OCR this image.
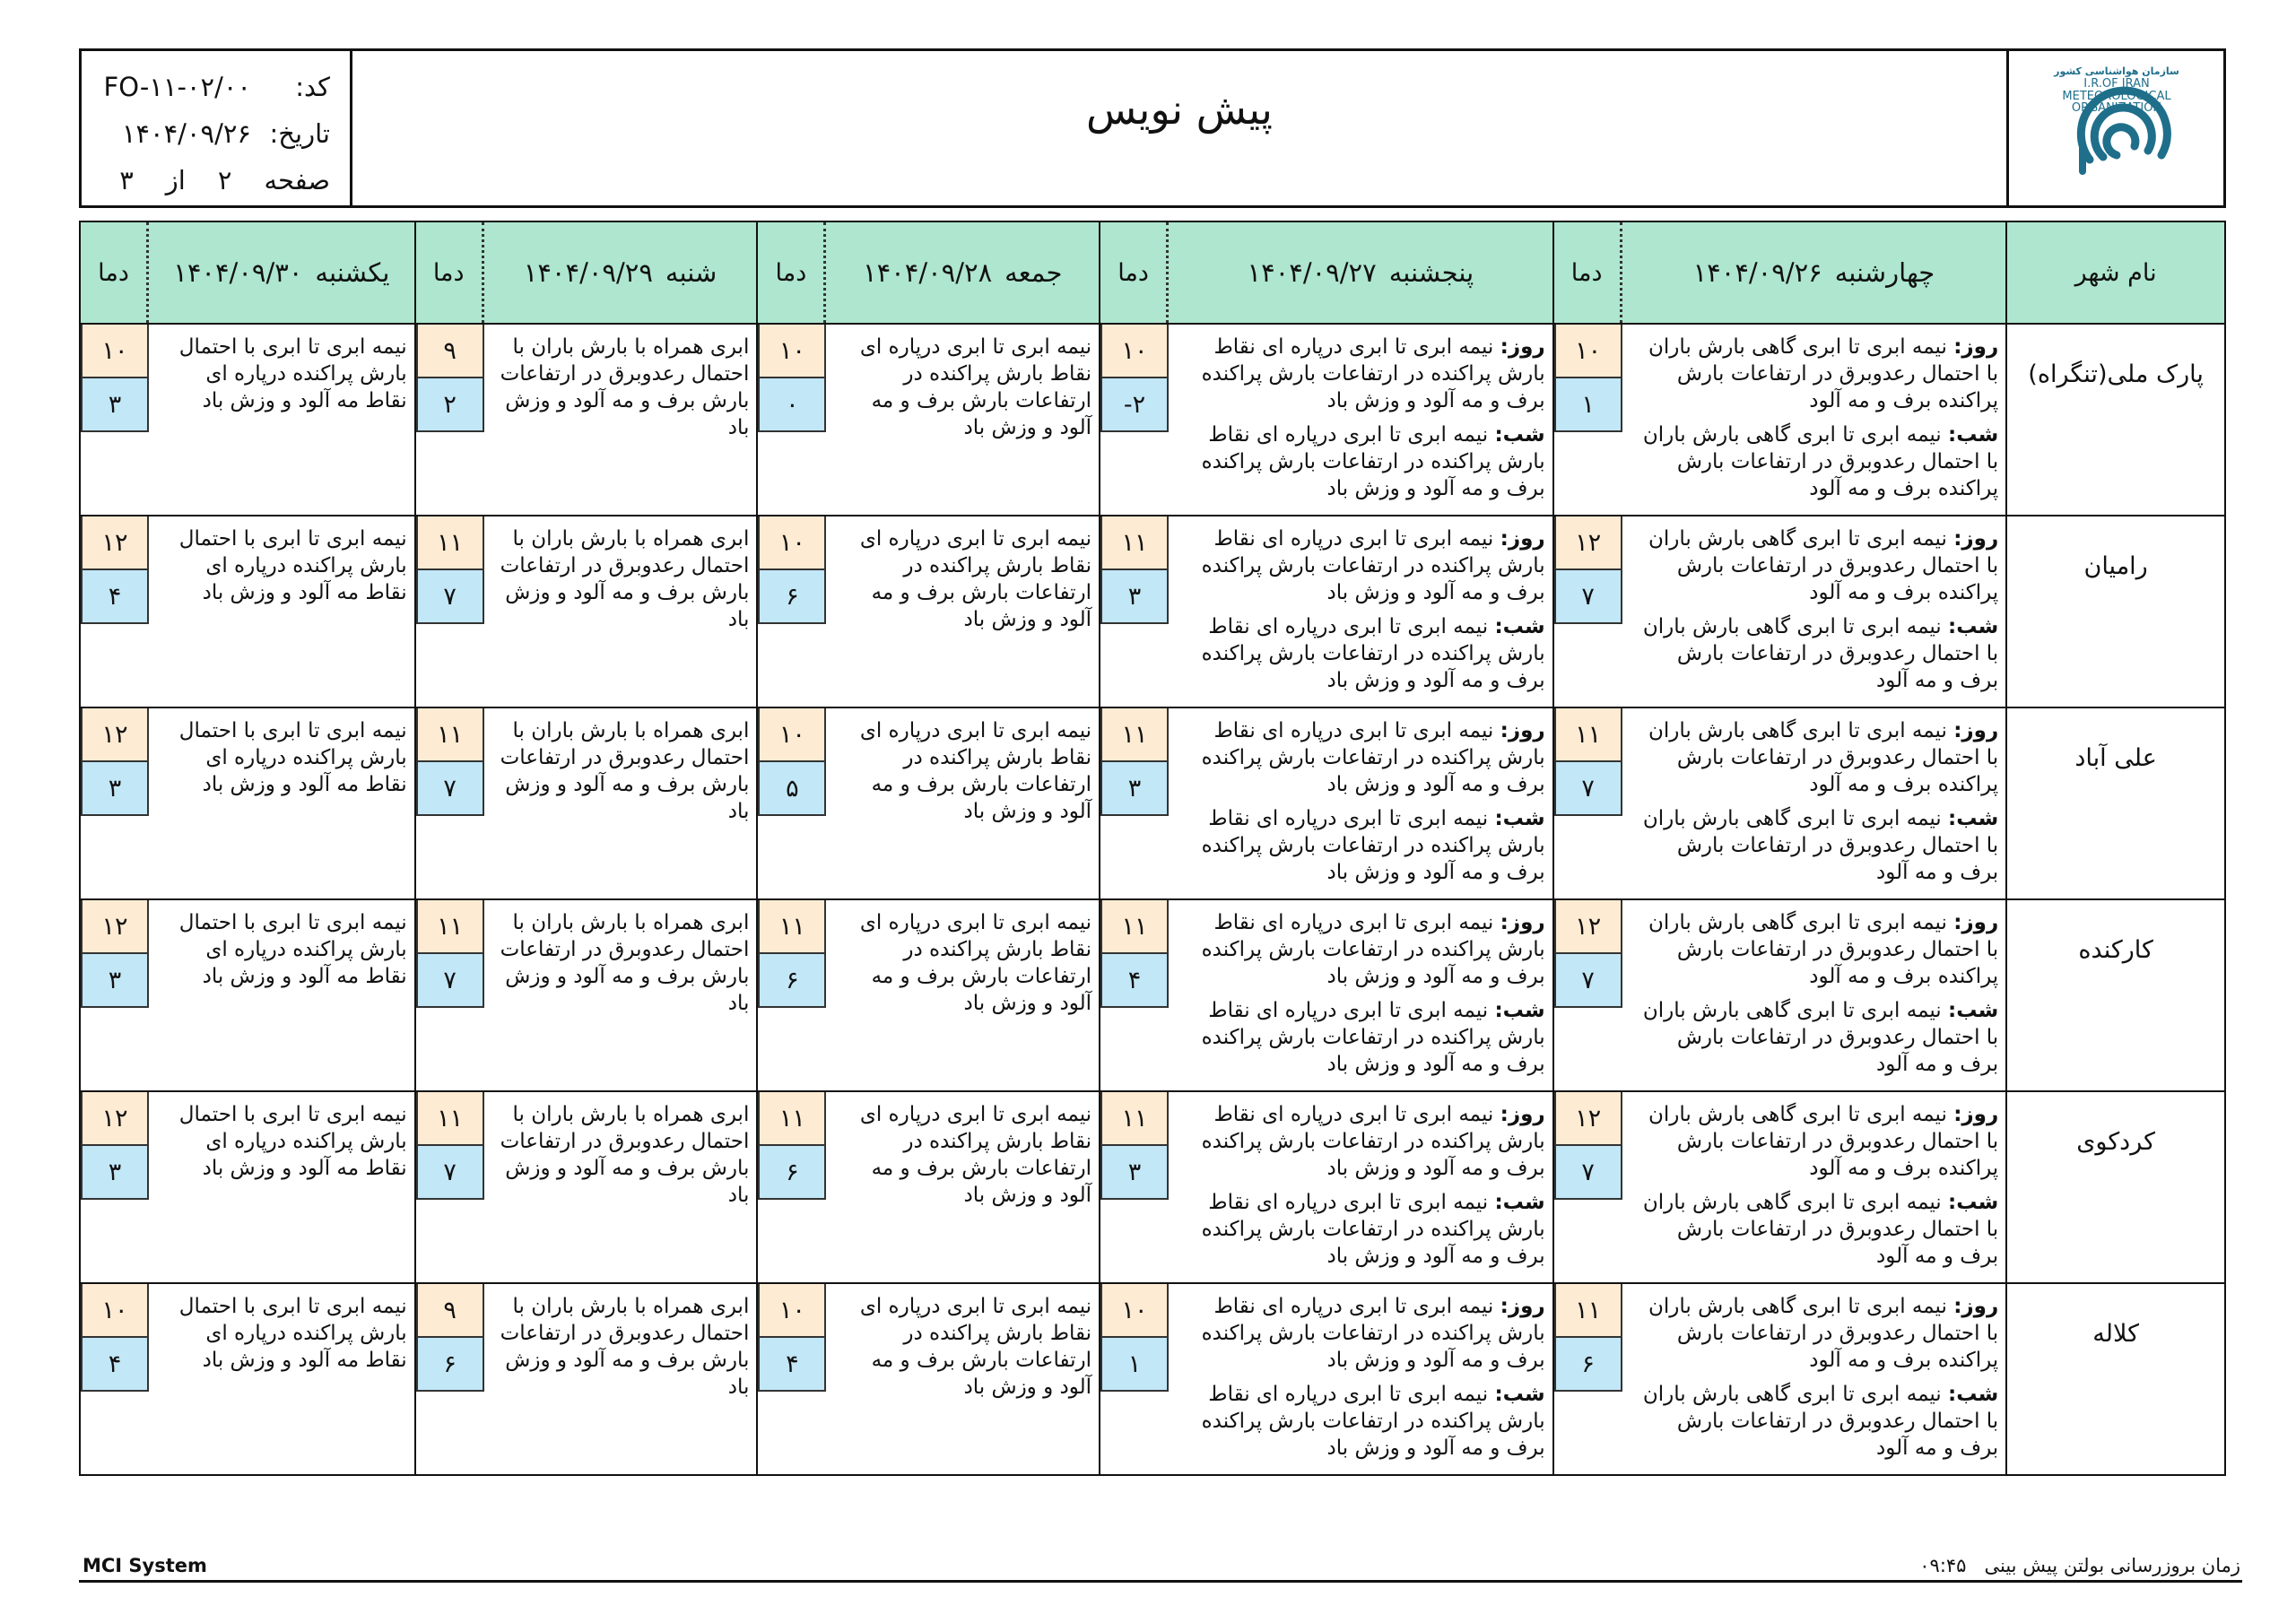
کد:
FO-۱۱-۰۲/۰۰
تاریخ:
۱۴۰۴/۰۹/۲۶
صفحه
۲
از
۳
پیش نویس
سازمان هواشناسی کشور
I.R.OF IRAN
METEOROLOGICAL
ORGANIZATION
نام شهر
چهارشنبه
۱۴۰۴/۰۹/۲۶
دما
پنجشنبه
۱۴۰۴/۰۹/۲۷
دما
جمعه
۱۴۰۴/۰۹/۲۸
دما
شنبه
۱۴۰۴/۰۹/۲۹
دما
یکشنبه
۱۴۰۴/۰۹/۳۰
دما
پارک ملی(تنگراه)

روز: نیمه ابری تا ابری گاهی بارش باران با احتمال رعدوبرق در ارتفاعات بارش پراکنده برف و مه آلود

شب: نیمه ابری تا ابری گاهی بارش باران با احتمال رعدوبرق در ارتفاعات بارش پراکنده برف و مه آلود

۱۰
۱

روز: نیمه ابری تا ابری درپاره ای نقاط بارش پراکنده در ارتفاعات بارش پراکنده برف و مه آلود و وزش باد

شب: نیمه ابری تا ابری درپاره ای نقاط بارش پراکنده در ارتفاعات بارش پراکنده برف و مه آلود و وزش باد

۱۰
-۲
نیمه ابری تا ابری درپاره ای نقاط بارش پراکنده در ارتفاعات بارش برف و مه آلود و وزش باد
۱۰
۰
ابری همراه با بارش باران با احتمال رعدوبرق در ارتفاعات بارش برف و مه آلود و وزش باد
۹
۲
نیمه ابری تا ابری با احتمال بارش پراکنده درپاره ای نقاط مه آلود و وزش باد
۱۰
۳
رامیان

روز: نیمه ابری تا ابری گاهی بارش باران با احتمال رعدوبرق در ارتفاعات بارش پراکنده برف و مه آلود

شب: نیمه ابری تا ابری گاهی بارش باران با احتمال رعدوبرق در ارتفاعات بارش برف و مه آلود

۱۲
۷

روز: نیمه ابری تا ابری درپاره ای نقاط بارش پراکنده در ارتفاعات بارش پراکنده برف و مه آلود و وزش باد

شب: نیمه ابری تا ابری درپاره ای نقاط بارش پراکنده در ارتفاعات بارش پراکنده برف و مه آلود و وزش باد

۱۱
۳
نیمه ابری تا ابری درپاره ای نقاط بارش پراکنده در ارتفاعات بارش برف و مه آلود و وزش باد
۱۰
۶
ابری همراه با بارش باران با احتمال رعدوبرق در ارتفاعات بارش برف و مه آلود و وزش باد
۱۱
۷
نیمه ابری تا ابری با احتمال بارش پراکنده درپاره ای نقاط مه آلود و وزش باد
۱۲
۴
علی آباد

روز: نیمه ابری تا ابری گاهی بارش باران با احتمال رعدوبرق در ارتفاعات بارش پراکنده برف و مه آلود

شب: نیمه ابری تا ابری گاهی بارش باران با احتمال رعدوبرق در ارتفاعات بارش برف و مه آلود

۱۱
۷

روز: نیمه ابری تا ابری درپاره ای نقاط بارش پراکنده در ارتفاعات بارش پراکنده برف و مه آلود و وزش باد

شب: نیمه ابری تا ابری درپاره ای نقاط بارش پراکنده در ارتفاعات بارش پراکنده برف و مه آلود و وزش باد

۱۱
۳
نیمه ابری تا ابری درپاره ای نقاط بارش پراکنده در ارتفاعات بارش برف و مه آلود و وزش باد
۱۰
۵
ابری همراه با بارش باران با احتمال رعدوبرق در ارتفاعات بارش برف و مه آلود و وزش باد
۱۱
۷
نیمه ابری تا ابری با احتمال بارش پراکنده درپاره ای نقاط مه آلود و وزش باد
۱۲
۳
کارکنده

روز: نیمه ابری تا ابری گاهی بارش باران با احتمال رعدوبرق در ارتفاعات بارش پراکنده برف و مه آلود

شب: نیمه ابری تا ابری گاهی بارش باران با احتمال رعدوبرق در ارتفاعات بارش برف و مه آلود

۱۲
۷

روز: نیمه ابری تا ابری درپاره ای نقاط بارش پراکنده در ارتفاعات بارش پراکنده برف و مه آلود و وزش باد

شب: نیمه ابری تا ابری درپاره ای نقاط بارش پراکنده در ارتفاعات بارش پراکنده برف و مه آلود و وزش باد

۱۱
۴
نیمه ابری تا ابری درپاره ای نقاط بارش پراکنده در ارتفاعات بارش برف و مه آلود و وزش باد
۱۱
۶
ابری همراه با بارش باران با احتمال رعدوبرق در ارتفاعات بارش برف و مه آلود و وزش باد
۱۱
۷
نیمه ابری تا ابری با احتمال بارش پراکنده درپاره ای نقاط مه آلود و وزش باد
۱۲
۳
کردکوی

روز: نیمه ابری تا ابری گاهی بارش باران با احتمال رعدوبرق در ارتفاعات بارش پراکنده برف و مه آلود

شب: نیمه ابری تا ابری گاهی بارش باران با احتمال رعدوبرق در ارتفاعات بارش برف و مه آلود

۱۲
۷

روز: نیمه ابری تا ابری درپاره ای نقاط بارش پراکنده در ارتفاعات بارش پراکنده برف و مه آلود و وزش باد

شب: نیمه ابری تا ابری درپاره ای نقاط بارش پراکنده در ارتفاعات بارش پراکنده برف و مه آلود و وزش باد

۱۱
۳
نیمه ابری تا ابری درپاره ای نقاط بارش پراکنده در ارتفاعات بارش برف و مه آلود و وزش باد
۱۱
۶
ابری همراه با بارش باران با احتمال رعدوبرق در ارتفاعات بارش برف و مه آلود و وزش باد
۱۱
۷
نیمه ابری تا ابری با احتمال بارش پراکنده درپاره ای نقاط مه آلود و وزش باد
۱۲
۳
کلاله

روز: نیمه ابری تا ابری گاهی بارش باران با احتمال رعدوبرق در ارتفاعات بارش پراکنده برف و مه آلود

شب: نیمه ابری تا ابری گاهی بارش باران با احتمال رعدوبرق در ارتفاعات بارش برف و مه آلود

۱۱
۶

روز: نیمه ابری تا ابری درپاره ای نقاط بارش پراکنده در ارتفاعات بارش پراکنده برف و مه آلود و وزش باد

شب: نیمه ابری تا ابری درپاره ای نقاط بارش پراکنده در ارتفاعات بارش پراکنده برف و مه آلود و وزش باد

۱۰
۱
نیمه ابری تا ابری درپاره ای نقاط بارش پراکنده در ارتفاعات بارش برف و مه آلود و وزش باد
۱۰
۴
ابری همراه با بارش باران با احتمال رعدوبرق در ارتفاعات بارش برف و مه آلود و وزش باد
۹
۶
نیمه ابری تا ابری با احتمال بارش پراکنده درپاره ای نقاط مه آلود و وزش باد
۱۰
۴
MCI System	زمان بروزرسانی بولتن پیش بینی   ۰۹:۴۵
